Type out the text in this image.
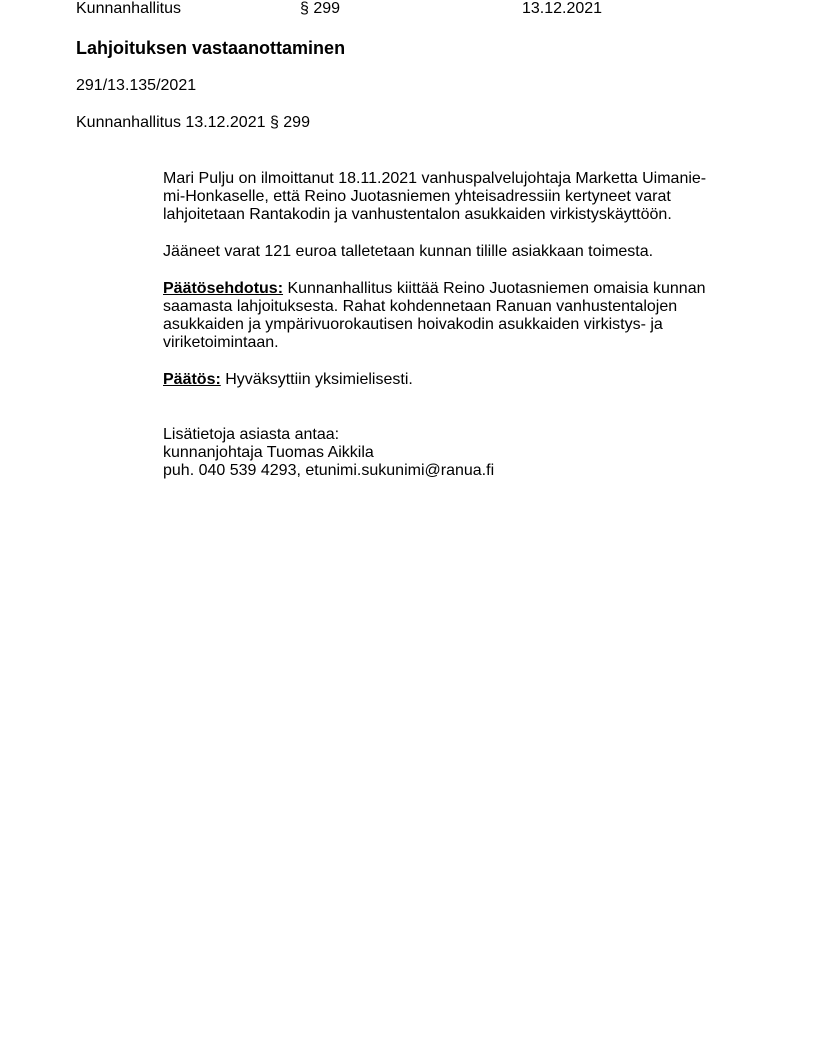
Kunnanhallitus	§ 299	13.12.2021
Lahjoituksen vastaanottaminen
291/13.135/2021
Kunnanhallitus 13.12.2021 § 299

Mari Pulju on ilmoittanut 18.11.2021 vanhuspalvelujohtaja Marketta Uimanie-
mi-Honkaselle, että Reino Juotasniemen yhteisadressiin kertyneet varat
lahjoitetaan Rantakodin ja vanhustentalon asukkaiden virkistyskäyttöön.

Jääneet varat 121 euroa talletetaan kunnan tilille asiakkaan toimesta.

Päätösehdotus: Kunnanhallitus kiittää Reino Juotasniemen omaisia kunnan
saamasta lahjoituksesta. Rahat kohdennetaan Ranuan vanhustentalojen
asukkaiden ja ympärivuorokautisen hoivakodin asukkaiden virkistys- ja
viriketoimintaan.

Päätös: Hyväksyttiin yksimielisesti.

Lisätietoja asiasta antaa:
kunnanjohtaja Tuomas Aikkila
puh. 040 539 4293, etunimi.sukunimi@ranua.fi
